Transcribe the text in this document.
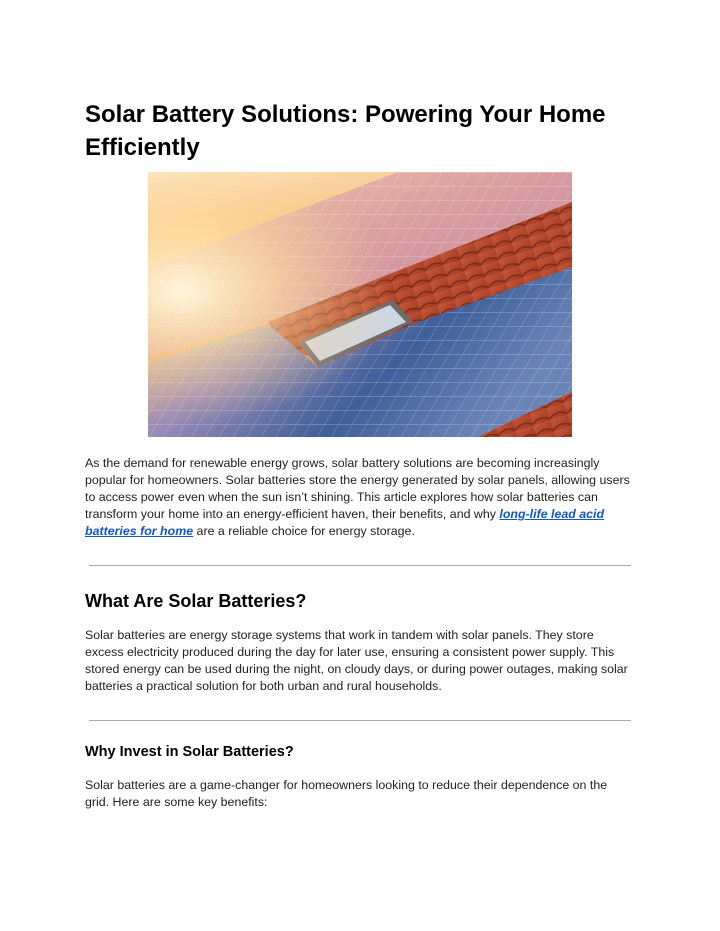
Solar Battery Solutions: Powering Your Home Efficiently

As the demand for renewable energy grows, solar battery solutions are becoming increasingly popular for homeowners. Solar batteries store the energy generated by solar panels, allowing users to access power even when the sun isn’t shining. This article explores how solar batteries can transform your home into an energy-efficient haven, their benefits, and why long-life lead acid batteries for home are a reliable choice for energy storage.

What Are Solar Batteries?

Solar batteries are energy storage systems that work in tandem with solar panels. They store excess electricity produced during the day for later use, ensuring a consistent power supply. This stored energy can be used during the night, on cloudy days, or during power outages, making solar batteries a practical solution for both urban and rural households.

Why Invest in Solar Batteries?

Solar batteries are a game-changer for homeowners looking to reduce their dependence on the grid. Here are some key benefits:
